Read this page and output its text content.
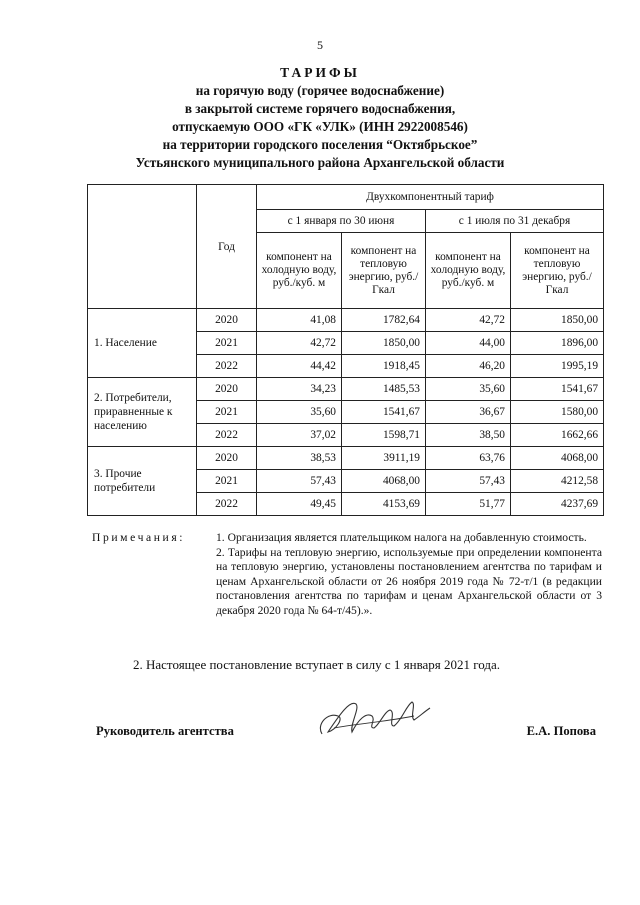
5
ТАРИФЫ
на горячую воду (горячее водоснабжение)
в закрытой системе горячего водоснабжения,
отпускаемую ООО «ГК «УЛК» (ИНН 2922008546)
на территории городского поселения “Октябрьское”
Устьянского муниципального района Архангельской области
	Год	Двухкомпонентный тариф			
		с 1 января по 30 июня		с 1 июля по 31 декабря	
		компонент на холодную воду, руб./куб. м	компонент на тепловую энергию, руб./Гкал	компонент на холодную воду, руб./куб. м	компонент на тепловую энергию, руб./Гкал
1. Население	2020	41,08	1782,64	42,72	1850,00
	2021	42,72	1850,00	44,00	1896,00
	2022	44,42	1918,45	46,20	1995,19
2. Потребители, приравненные к населению	2020	34,23	1485,53	35,60	1541,67
	2021	35,60	1541,67	36,67	1580,00
	2022	37,02	1598,71	38,50	1662,66
3. Прочие потребители	2020	38,53	3911,19	63,76	4068,00
	2021	57,43	4068,00	57,43	4212,58
	2022	49,45	4153,69	51,77	4237,69
Примечания:	1. Организация является плательщиком налога на добавленную стоимость.

2. Тарифы на тепловую энергию, используемые при определении компонента на тепловую энергию, установлены постановлением агентства по тарифам и ценам Архангельской области от 26 ноября 2019 года № 72-т/1 (в редакции постановления агентства по тарифам и ценам Архангельской области от 3 декабря 2020 года № 64-т/45).».

2. Настоящее постановление вступает в силу с 1 января 2021 года.
Руководитель агентства	Е.А. Попова
